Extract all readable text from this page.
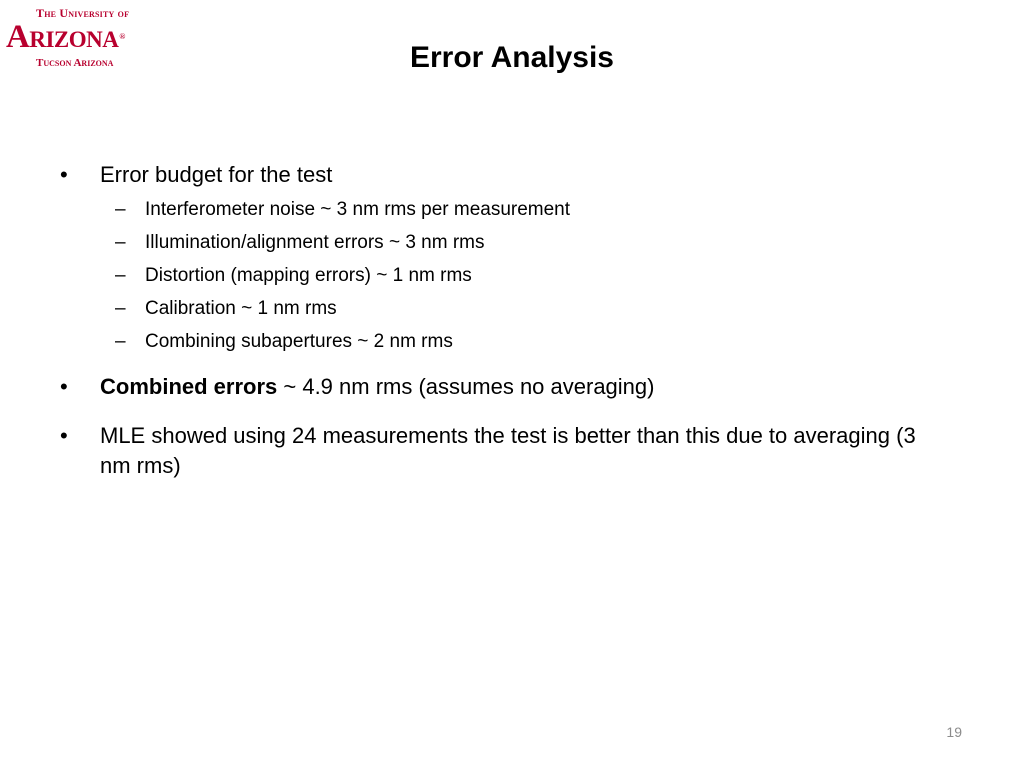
The University of
Arizona®
Tucson Arizona	Error Analysis
• Error budget for the test
– Interferometer noise ~ 3 nm rms per measurement
– Illumination/alignment errors ~ 3 nm rms
– Distortion (mapping errors) ~ 1 nm rms
– Calibration ~ 1 nm rms
– Combining subapertures ~ 2 nm rms
• Combined errors ~ 4.9 nm rms (assumes no averaging)
• MLE showed using 24 measurements the test is better than this due to averaging (3 nm rms)
19
